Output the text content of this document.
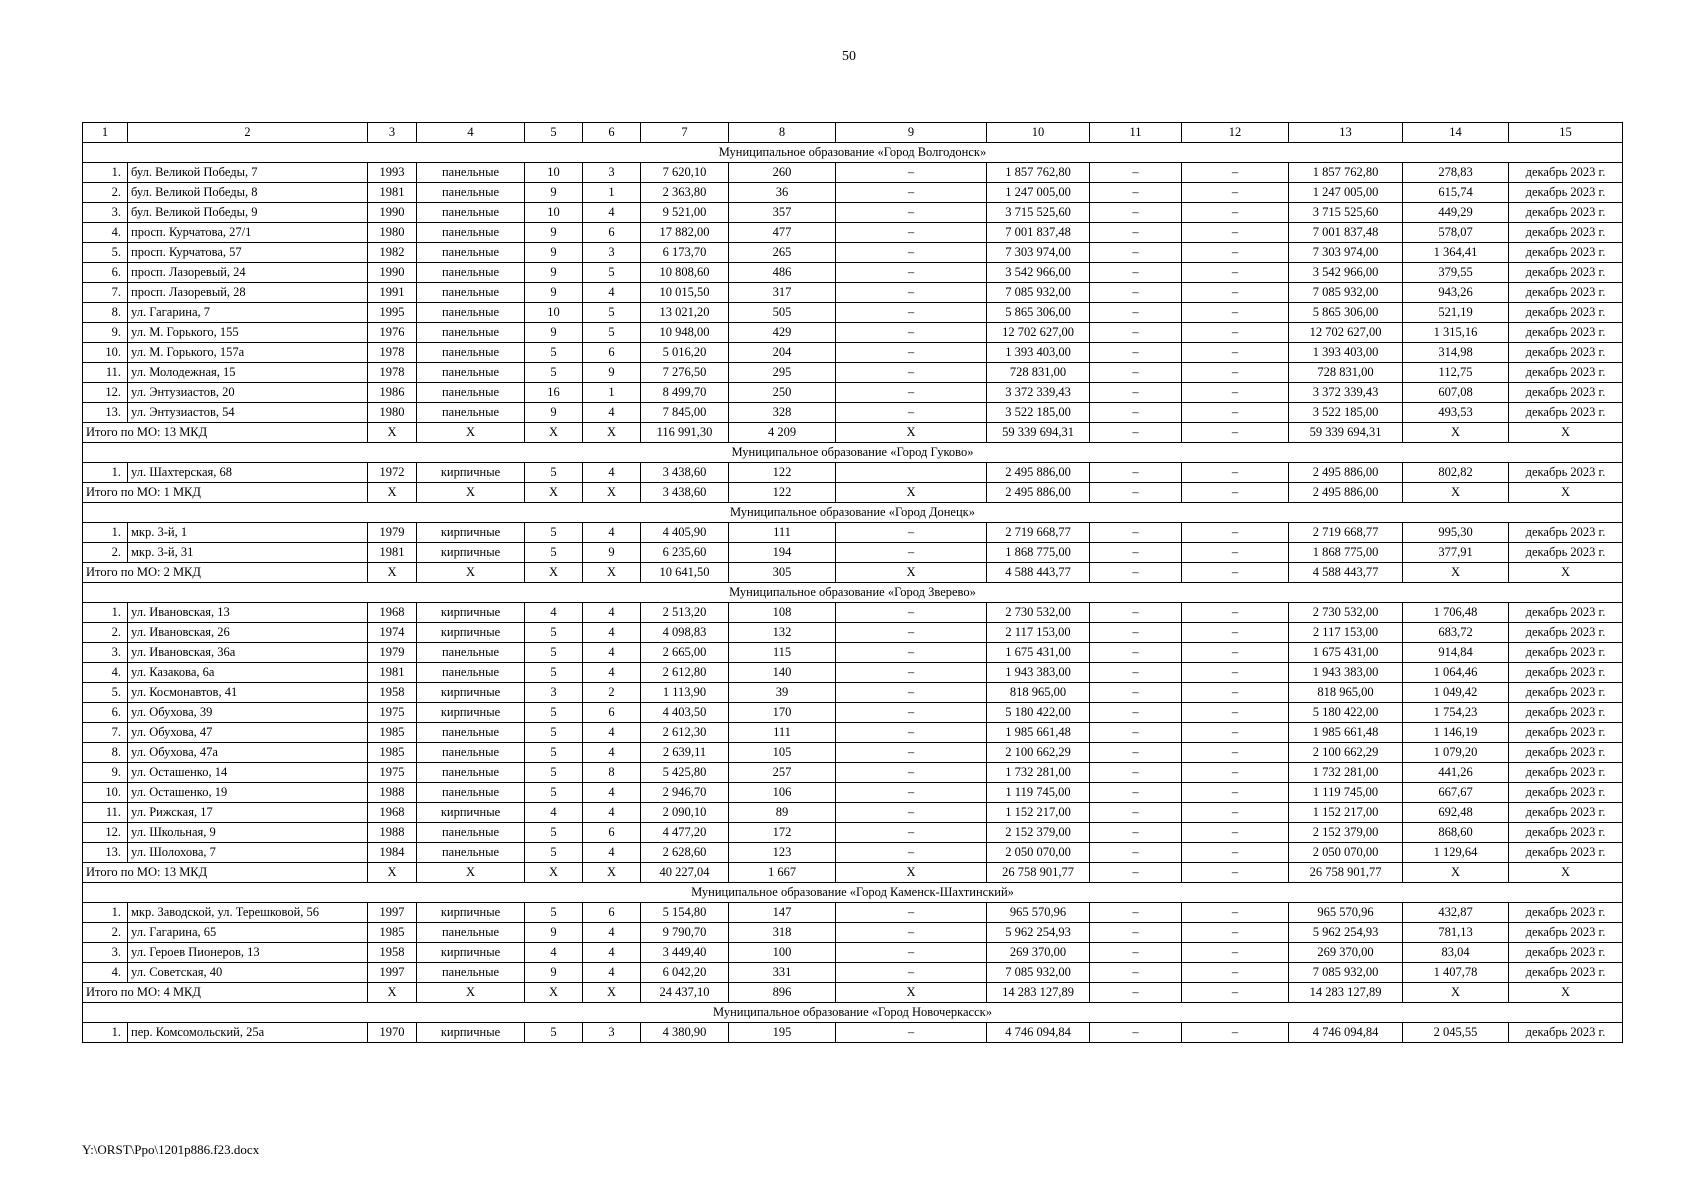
50
1	2	3	4	5	6	7	8	9	10	11	12	13	14	15
Муниципальное образование «Город Волгодонск»														
1.	бул. Великой Победы, 7	1993	панельные	10	3	7 620,10	260	–	1 857 762,80	–	–	1 857 762,80	278,83	декабрь 2023 г.
2.	бул. Великой Победы, 8	1981	панельные	9	1	2 363,80	36	–	1 247 005,00	–	–	1 247 005,00	615,74	декабрь 2023 г.
3.	бул. Великой Победы, 9	1990	панельные	10	4	9 521,00	357	–	3 715 525,60	–	–	3 715 525,60	449,29	декабрь 2023 г.
4.	просп. Курчатова, 27/1	1980	панельные	9	6	17 882,00	477	–	7 001 837,48	–	–	7 001 837,48	578,07	декабрь 2023 г.
5.	просп. Курчатова, 57	1982	панельные	9	3	6 173,70	265	–	7 303 974,00	–	–	7 303 974,00	1 364,41	декабрь 2023 г.
6.	просп. Лазоревый, 24	1990	панельные	9	5	10 808,60	486	–	3 542 966,00	–	–	3 542 966,00	379,55	декабрь 2023 г.
7.	просп. Лазоревый, 28	1991	панельные	9	4	10 015,50	317	–	7 085 932,00	–	–	7 085 932,00	943,26	декабрь 2023 г.
8.	ул. Гагарина, 7	1995	панельные	10	5	13 021,20	505	–	5 865 306,00	–	–	5 865 306,00	521,19	декабрь 2023 г.
9.	ул. М. Горького, 155	1976	панельные	9	5	10 948,00	429	–	12 702 627,00	–	–	12 702 627,00	1 315,16	декабрь 2023 г.
10.	ул. М. Горького, 157а	1978	панельные	5	6	5 016,20	204	–	1 393 403,00	–	–	1 393 403,00	314,98	декабрь 2023 г.
11.	ул. Молодежная, 15	1978	панельные	5	9	7 276,50	295	–	728 831,00	–	–	728 831,00	112,75	декабрь 2023 г.
12.	ул. Энтузиастов, 20	1986	панельные	16	1	8 499,70	250	–	3 372 339,43	–	–	3 372 339,43	607,08	декабрь 2023 г.
13.	ул. Энтузиастов, 54	1980	панельные	9	4	7 845,00	328	–	3 522 185,00	–	–	3 522 185,00	493,53	декабрь 2023 г.
Итого по МО: 13 МКД		Х	Х	Х	Х	116 991,30	4 209	Х	59 339 694,31	–	–	59 339 694,31	Х	Х
Муниципальное образование «Город Гуково»														
1.	ул. Шахтерская, 68	1972	кирпичные	5	4	3 438,60	122		2 495 886,00	–	–	2 495 886,00	802,82	декабрь 2023 г.
Итого по МО: 1 МКД		Х	Х	Х	Х	3 438,60	122	Х	2 495 886,00	–	–	2 495 886,00	Х	Х
Муниципальное образование «Город Донецк»														
1.	мкр. 3-й, 1	1979	кирпичные	5	4	4 405,90	111	–	2 719 668,77	–	–	2 719 668,77	995,30	декабрь 2023 г.
2.	мкр. 3-й, 31	1981	кирпичные	5	9	6 235,60	194	–	1 868 775,00	–	–	1 868 775,00	377,91	декабрь 2023 г.
Итого по МО: 2 МКД		Х	Х	Х	Х	10 641,50	305	Х	4 588 443,77	–	–	4 588 443,77	Х	Х
Муниципальное образование «Город Зверево»														
1.	ул. Ивановская, 13	1968	кирпичные	4	4	2 513,20	108	–	2 730 532,00	–	–	2 730 532,00	1 706,48	декабрь 2023 г.
2.	ул. Ивановская, 26	1974	кирпичные	5	4	4 098,83	132	–	2 117 153,00	–	–	2 117 153,00	683,72	декабрь 2023 г.
3.	ул. Ивановская, 36а	1979	панельные	5	4	2 665,00	115	–	1 675 431,00	–	–	1 675 431,00	914,84	декабрь 2023 г.
4.	ул. Казакова, 6а	1981	панельные	5	4	2 612,80	140	–	1 943 383,00	–	–	1 943 383,00	1 064,46	декабрь 2023 г.
5.	ул. Космонавтов, 41	1958	кирпичные	3	2	1 113,90	39	–	818 965,00	–	–	818 965,00	1 049,42	декабрь 2023 г.
6.	ул. Обухова, 39	1975	кирпичные	5	6	4 403,50	170	–	5 180 422,00	–	–	5 180 422,00	1 754,23	декабрь 2023 г.
7.	ул. Обухова, 47	1985	панельные	5	4	2 612,30	111	–	1 985 661,48	–	–	1 985 661,48	1 146,19	декабрь 2023 г.
8.	ул. Обухова, 47а	1985	панельные	5	4	2 639,11	105	–	2 100 662,29	–	–	2 100 662,29	1 079,20	декабрь 2023 г.
9.	ул. Осташенко, 14	1975	панельные	5	8	5 425,80	257	–	1 732 281,00	–	–	1 732 281,00	441,26	декабрь 2023 г.
10.	ул. Осташенко, 19	1988	панельные	5	4	2 946,70	106	–	1 119 745,00	–	–	1 119 745,00	667,67	декабрь 2023 г.
11.	ул. Рижская, 17	1968	кирпичные	4	4	2 090,10	89	–	1 152 217,00	–	–	1 152 217,00	692,48	декабрь 2023 г.
12.	ул. Школьная, 9	1988	панельные	5	6	4 477,20	172	–	2 152 379,00	–	–	2 152 379,00	868,60	декабрь 2023 г.
13.	ул. Шолохова, 7	1984	панельные	5	4	2 628,60	123	–	2 050 070,00	–	–	2 050 070,00	1 129,64	декабрь 2023 г.
Итого по МО: 13 МКД		Х	Х	Х	Х	40 227,04	1 667	Х	26 758 901,77	–	–	26 758 901,77	Х	Х
Муниципальное образование «Город Каменск-Шахтинский»														
1.	мкр. Заводской, ул. Терешковой, 56	1997	кирпичные	5	6	5 154,80	147	–	965 570,96	–	–	965 570,96	432,87	декабрь 2023 г.
2.	ул. Гагарина, 65	1985	панельные	9	4	9 790,70	318	–	5 962 254,93	–	–	5 962 254,93	781,13	декабрь 2023 г.
3.	ул. Героев Пионеров, 13	1958	кирпичные	4	4	3 449,40	100	–	269 370,00	–	–	269 370,00	83,04	декабрь 2023 г.
4.	ул. Советская, 40	1997	панельные	9	4	6 042,20	331	–	7 085 932,00	–	–	7 085 932,00	1 407,78	декабрь 2023 г.
Итого по МО: 4 МКД		Х	Х	Х	Х	24 437,10	896	Х	14 283 127,89	–	–	14 283 127,89	Х	Х
Муниципальное образование «Город Новочеркасск»														
1.	пер. Комсомольский, 25а	1970	кирпичные	5	3	4 380,90	195	–	4 746 094,84	–	–	4 746 094,84	2 045,55	декабрь 2023 г.
Y:\ORST\Ppo\1201p886.f23.docx
